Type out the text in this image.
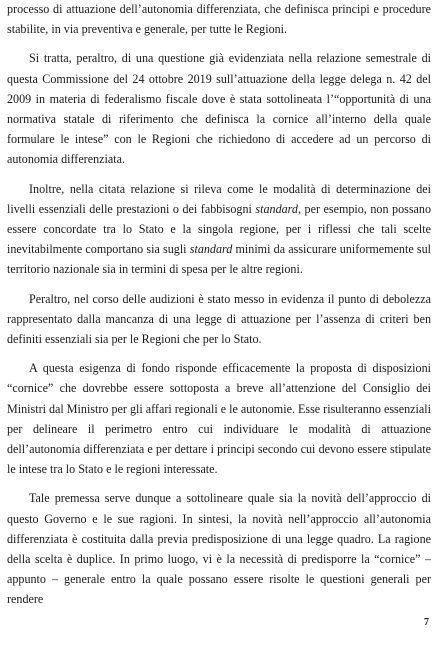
processo di attuazione dell’autonomia differenziata, che definisca principi e procedure stabilite, in via preventiva e generale, per tutte le Regioni.

Si tratta, peraltro, di una questione già evidenziata nella relazione semestrale di questa Commissione del 24 ottobre 2019 sull’attuazione della legge delega n. 42 del 2009 in materia di federalismo fiscale dove è stata sottolineata l’“opportunità di una normativa statale di riferimento che definisca la cornice all’interno della quale formulare le intese” con le Regioni che richiedono di accedere ad un percorso di autonomia differenziata.

Inoltre, nella citata relazione si rileva come le modalità di determinazione dei livelli essenziali delle prestazioni o dei fabbisogni standard, per esempio, non possano essere concordate tra lo Stato e la singola regione, per i riflessi che tali scelte inevitabilmente comportano sia sugli standard minimi da assicurare uniformemente sul territorio nazionale sia in termini di spesa per le altre regioni.

Peraltro, nel corso delle audizioni è stato messo in evidenza il punto di debolezza rappresentato dalla mancanza di una legge di attuazione per l’assenza di criteri ben definiti essenziali sia per le Regioni che per lo Stato.

A questa esigenza di fondo risponde efficacemente la proposta di disposizioni “cornice” che dovrebbe essere sottoposta a breve all’attenzione del Consiglio dei Ministri dal Ministro per gli affari regionali e le autonomie. Esse risulteranno essenziali per delineare il perimetro entro cui individuare le modalità di attuazione dell’autonomia differenziata e per dettare i principi secondo cui devono essere stipulate le intese tra lo Stato e le regioni interessate.

Tale premessa serve dunque a sottolineare quale sia la novità dell’approccio di questo Governo e le sue ragioni. In sintesi, la novità nell’approccio all’autonomia differenziata è costituita dalla previa predisposizione di una legge quadro. La ragione della scelta è duplice. In primo luogo, vi è la necessità di predisporre la “cornice” – appunto – generale entro la quale possano essere risolte le questioni generali per rendere

7
